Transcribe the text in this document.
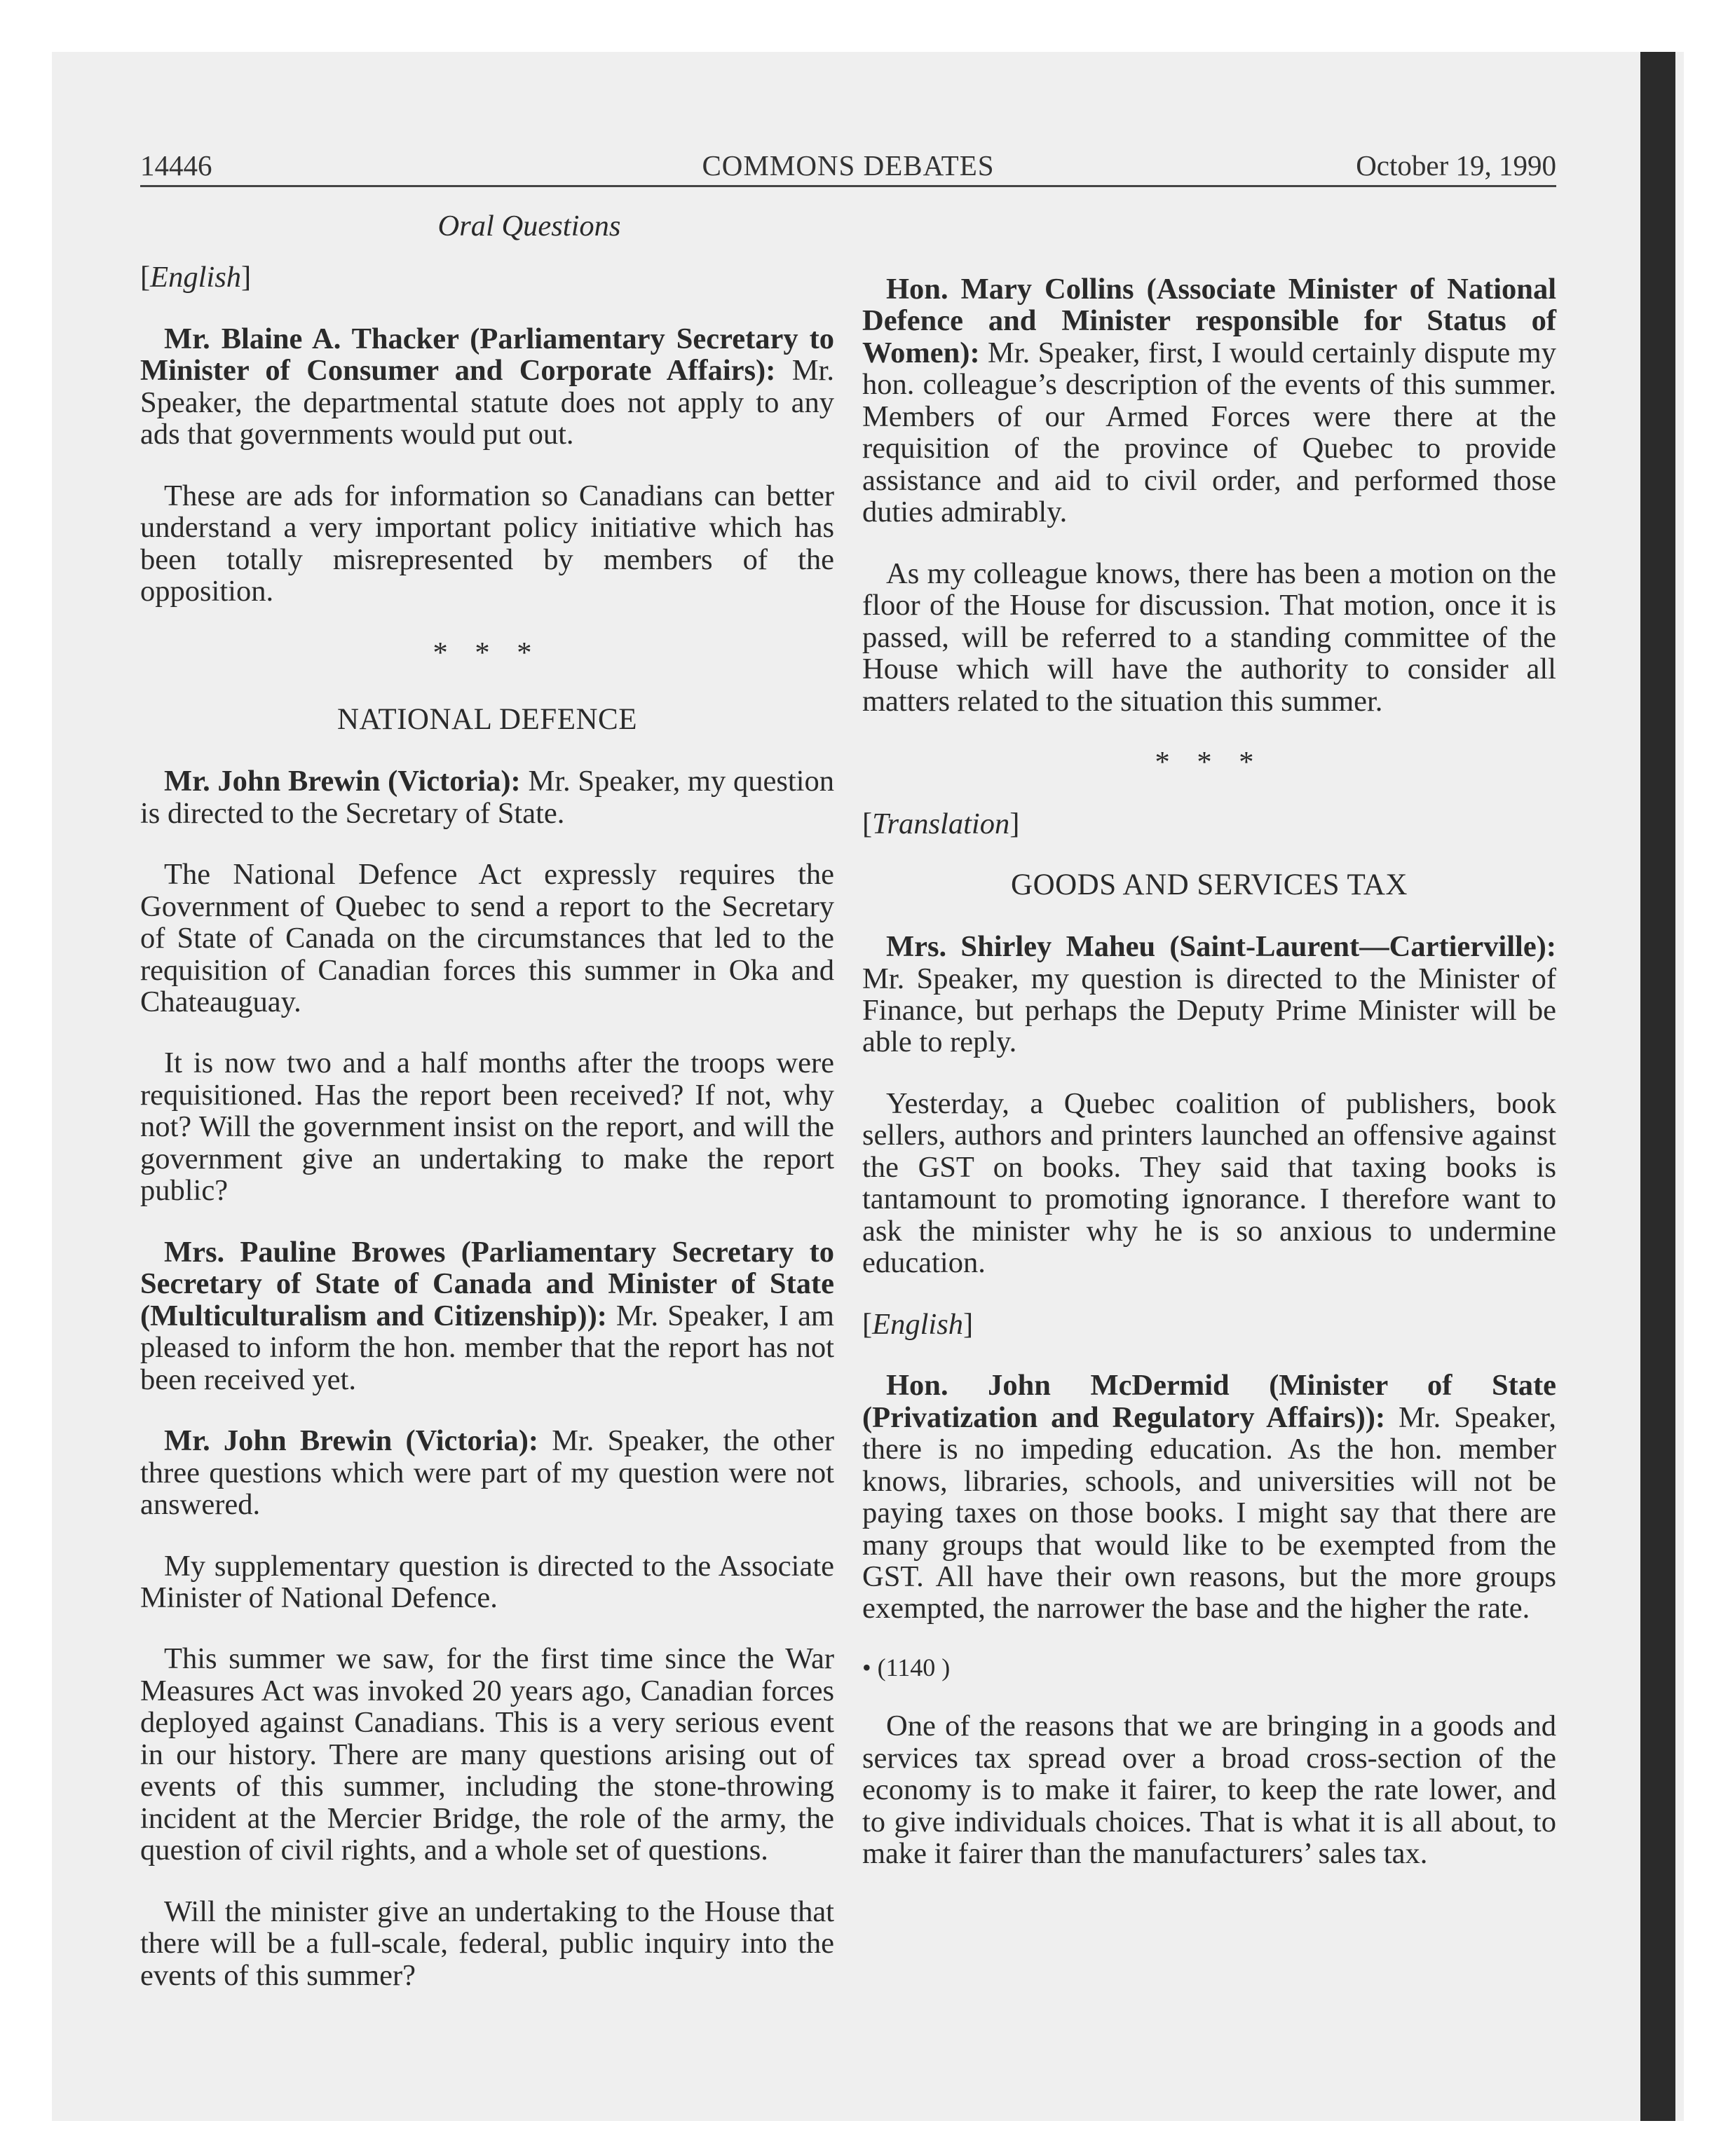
14446	COMMONS DEBATES	October 19, 1990

Oral Questions

[English]

Mr. Blaine A. Thacker (Parliamentary Secretary to Minister of Consumer and Corporate Affairs): Mr. Speaker, the departmental statute does not apply to any ads that governments would put out.

These are ads for information so Canadians can better understand a very important policy initiative which has been totally misrepresented by members of the opposition.

* * *

NATIONAL DEFENCE

Mr. John Brewin (Victoria): Mr. Speaker, my question is directed to the Secretary of State.

The National Defence Act expressly requires the Government of Quebec to send a report to the Secretary of State of Canada on the circumstances that led to the requisition of Canadian forces this summer in Oka and Chateauguay.

It is now two and a half months after the troops were requisitioned. Has the report been received? If not, why not? Will the government insist on the report, and will the government give an undertaking to make the report public?

Mrs. Pauline Browes (Parliamentary Secretary to Secretary of State of Canada and Minister of State (Multiculturalism and Citizenship)): Mr. Speaker, I am pleased to inform the hon. member that the report has not been received yet.

Mr. John Brewin (Victoria): Mr. Speaker, the other three questions which were part of my question were not answered.

My supplementary question is directed to the Associate Minister of National Defence.

This summer we saw, for the first time since the War Measures Act was invoked 20 years ago, Canadian forces deployed against Canadians. This is a very serious event in our history. There are many questions arising out of events of this summer, including the stone-throwing incident at the Mercier Bridge, the role of the army, the question of civil rights, and a whole set of questions.

Will the minister give an undertaking to the House that there will be a full-scale, federal, public inquiry into the events of this summer?

Hon. Mary Collins (Associate Minister of National Defence and Minister responsible for Status of Women): Mr. Speaker, first, I would certainly dispute my hon. colleague’s description of the events of this summer. Members of our Armed Forces were there at the requisition of the province of Quebec to provide assistance and aid to civil order, and performed those duties admirably.

As my colleague knows, there has been a motion on the floor of the House for discussion. That motion, once it is passed, will be referred to a standing committee of the House which will have the authority to consider all matters related to the situation this summer.

* * *

[Translation]

GOODS AND SERVICES TAX

Mrs. Shirley Maheu (Saint-Laurent—Cartierville): Mr. Speaker, my question is directed to the Minister of Finance, but perhaps the Deputy Prime Minister will be able to reply.

Yesterday, a Quebec coalition of publishers, book sellers, authors and printers launched an offensive against the GST on books. They said that taxing books is tantamount to promoting ignorance. I therefore want to ask the minister why he is so anxious to undermine education.

[English]

Hon. John McDermid (Minister of State (Privatization and Regulatory Affairs)): Mr. Speaker, there is no impeding education. As the hon. member knows, libraries, schools, and universities will not be paying taxes on those books. I might say that there are many groups that would like to be exempted from the GST. All have their own reasons, but the more groups exempted, the narrower the base and the higher the rate.

• (1140 )

One of the reasons that we are bringing in a goods and services tax spread over a broad cross-section of the economy is to make it fairer, to keep the rate lower, and to give individuals choices. That is what it is all about, to make it fairer than the manufacturers’ sales tax.
